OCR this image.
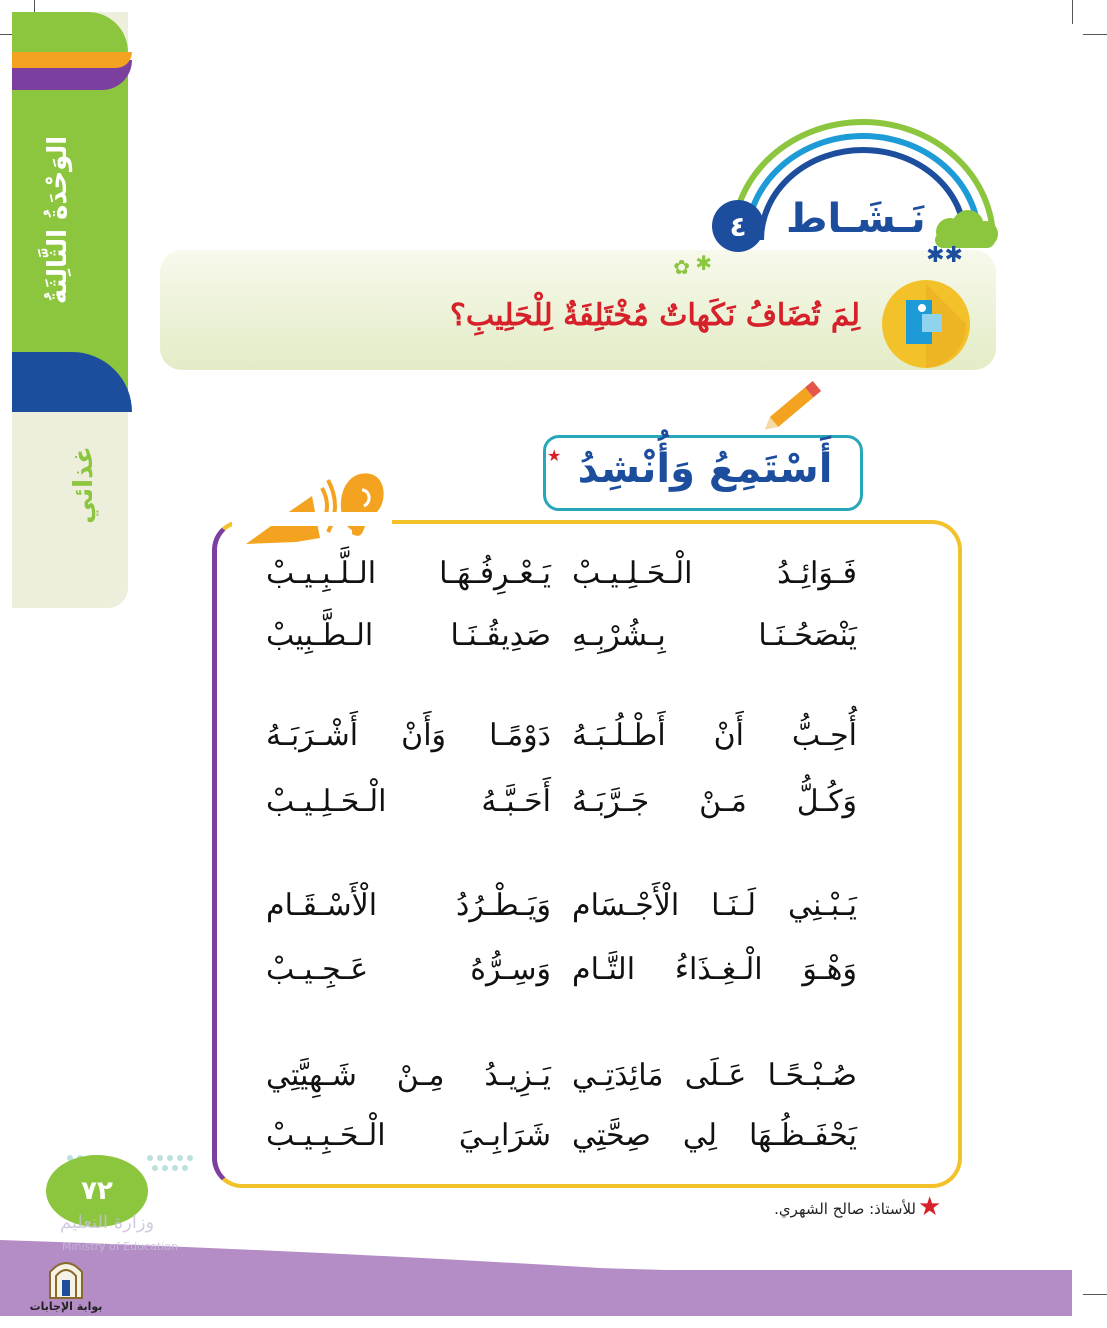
الوَحْدَةُ الثَّالِثَةُ
غذائي
✱✱
٤ نَـشَـاط
✿ ✱
لِمَ تُضَافُ نَكَهاتٌ مُخْتَلِفَةٌ لِلْحَلِيبِ؟
★ أَسْتَمِعُ وَأُنْشِدُ
فَـوَائِـدُ الْـحَـلِـيـبْ
يَـعْـرِفُـهَـا الـلَّـبِـيـبْ
يَنْصَحُـنَـا بِـشُرْبِـهِ
صَدِيقُـنَـا الـطَّـبِيبْ
أُحِـبُّ أَنْ أَطْـلُـبَـهُ
دَوْمًـا وَأَنْ أَشْـرَبَـهُ
وَكُـلُّ مَـنْ جَـرَّبَـهُ
أَحَـبَّـهُ الْـحَـلِـيـبْ
يَـبْـنِي لَـنَـا الْأَجْـسَام
وَيَـطْـرُدُ الْأَسْـقَـام
وَهْـوَ الْـغِـذَاءُ التَّـام
وَسِـرُّهُ عَـجِـيـبْ
صُـبْـحًـا عَـلَى مَائِدَتِـي
يَـزِيـدُ مِـنْ شَـهِيَّتِي
يَحْفَـظُـهَا لِي صِحَّتِي
شَرَابِـيَ الْـحَـبِـيـبْ
٧٢
وزارة التعليم
Ministry of Education
★
للأستاذ: صالح الشهري.
بوابة الإجابات
